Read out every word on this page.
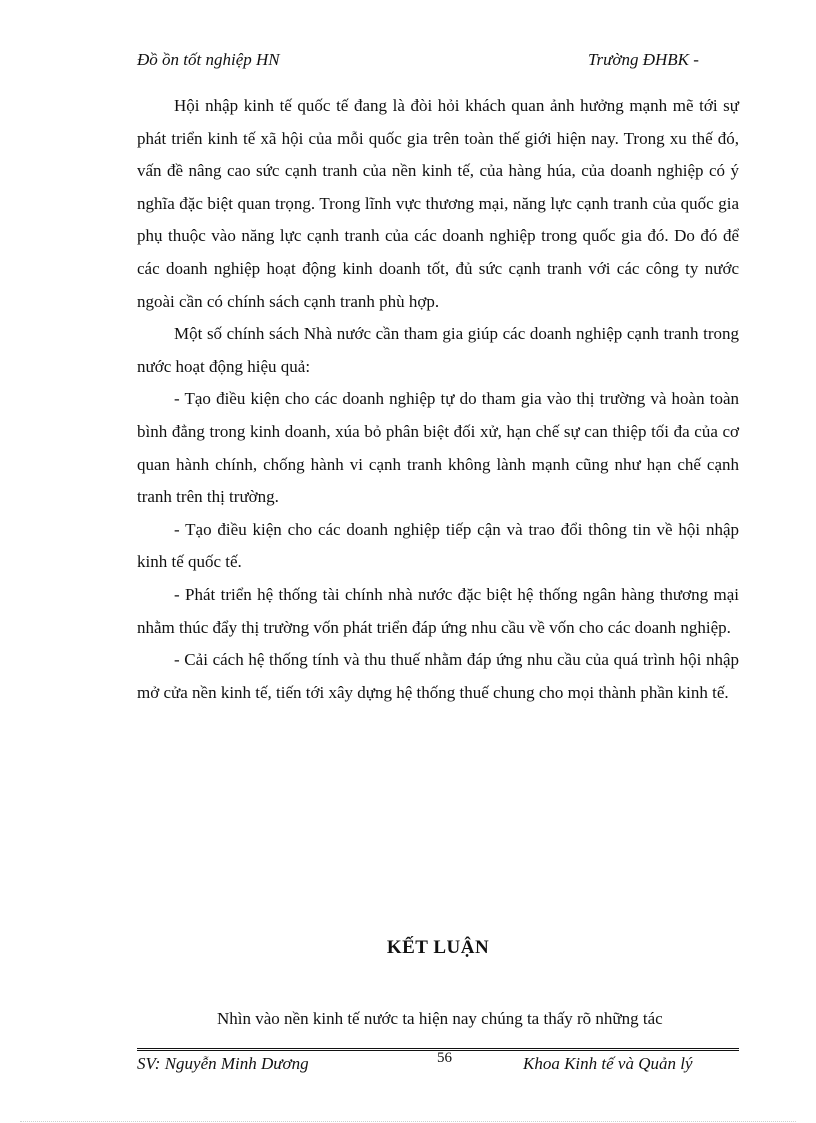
Đồ ồn tốt nghiệp HN	Trường ĐHBK -

Hội nhập kinh tế quốc tế đang là đòi hỏi khách quan ảnh hưởng mạnh mẽ tới sự phát triển kinh tế xã hội của mỗi quốc gia trên toàn thế giới hiện nay. Trong xu thế đó, vấn đề nâng cao sức cạnh tranh của nền kinh tế, của hàng húa, của doanh nghiệp có ý nghĩa đặc biệt quan trọng. Trong lĩnh vực thương mại, năng lực cạnh tranh của quốc gia phụ thuộc vào năng lực cạnh tranh của các doanh nghiệp trong quốc gia đó. Do đó để các doanh nghiệp hoạt động kinh doanh tốt, đủ sức cạnh tranh với các công ty nước ngoài cần có chính sách cạnh tranh phù hợp.

Một số chính sách Nhà nước cần tham gia giúp các doanh nghiệp cạnh tranh trong nước hoạt động hiệu quả:

- Tạo điều kiện cho các doanh nghiệp tự do tham gia vào thị trường và hoàn toàn bình đẳng trong kinh doanh, xúa bỏ phân biệt đối xử, hạn chế sự can thiệp tối đa của cơ quan hành chính, chống hành vi cạnh tranh không lành mạnh cũng như hạn chế cạnh tranh trên thị trường.

- Tạo điều kiện cho các doanh nghiệp tiếp cận và trao đổi thông tin về hội nhập kinh tế quốc tế.

- Phát triển hệ thống tài chính nhà nước đặc biệt hệ thống ngân hàng thương mại nhằm thúc đẩy thị trường vốn phát triển đáp ứng nhu cầu về vốn cho các doanh nghiệp.

- Cải cách hệ thống tính và thu thuế nhằm đáp ứng nhu cầu của quá trình hội nhập mở cửa nền kinh tế, tiến tới xây dựng hệ thống thuế chung cho mọi thành phần kinh tế.

KẾT LUẬN

Nhìn vào nền kinh tế nước ta hiện nay chúng ta thấy rõ những tác

SV: Nguyễn Minh Dương	56	Khoa Kinh tế và Quản lý
